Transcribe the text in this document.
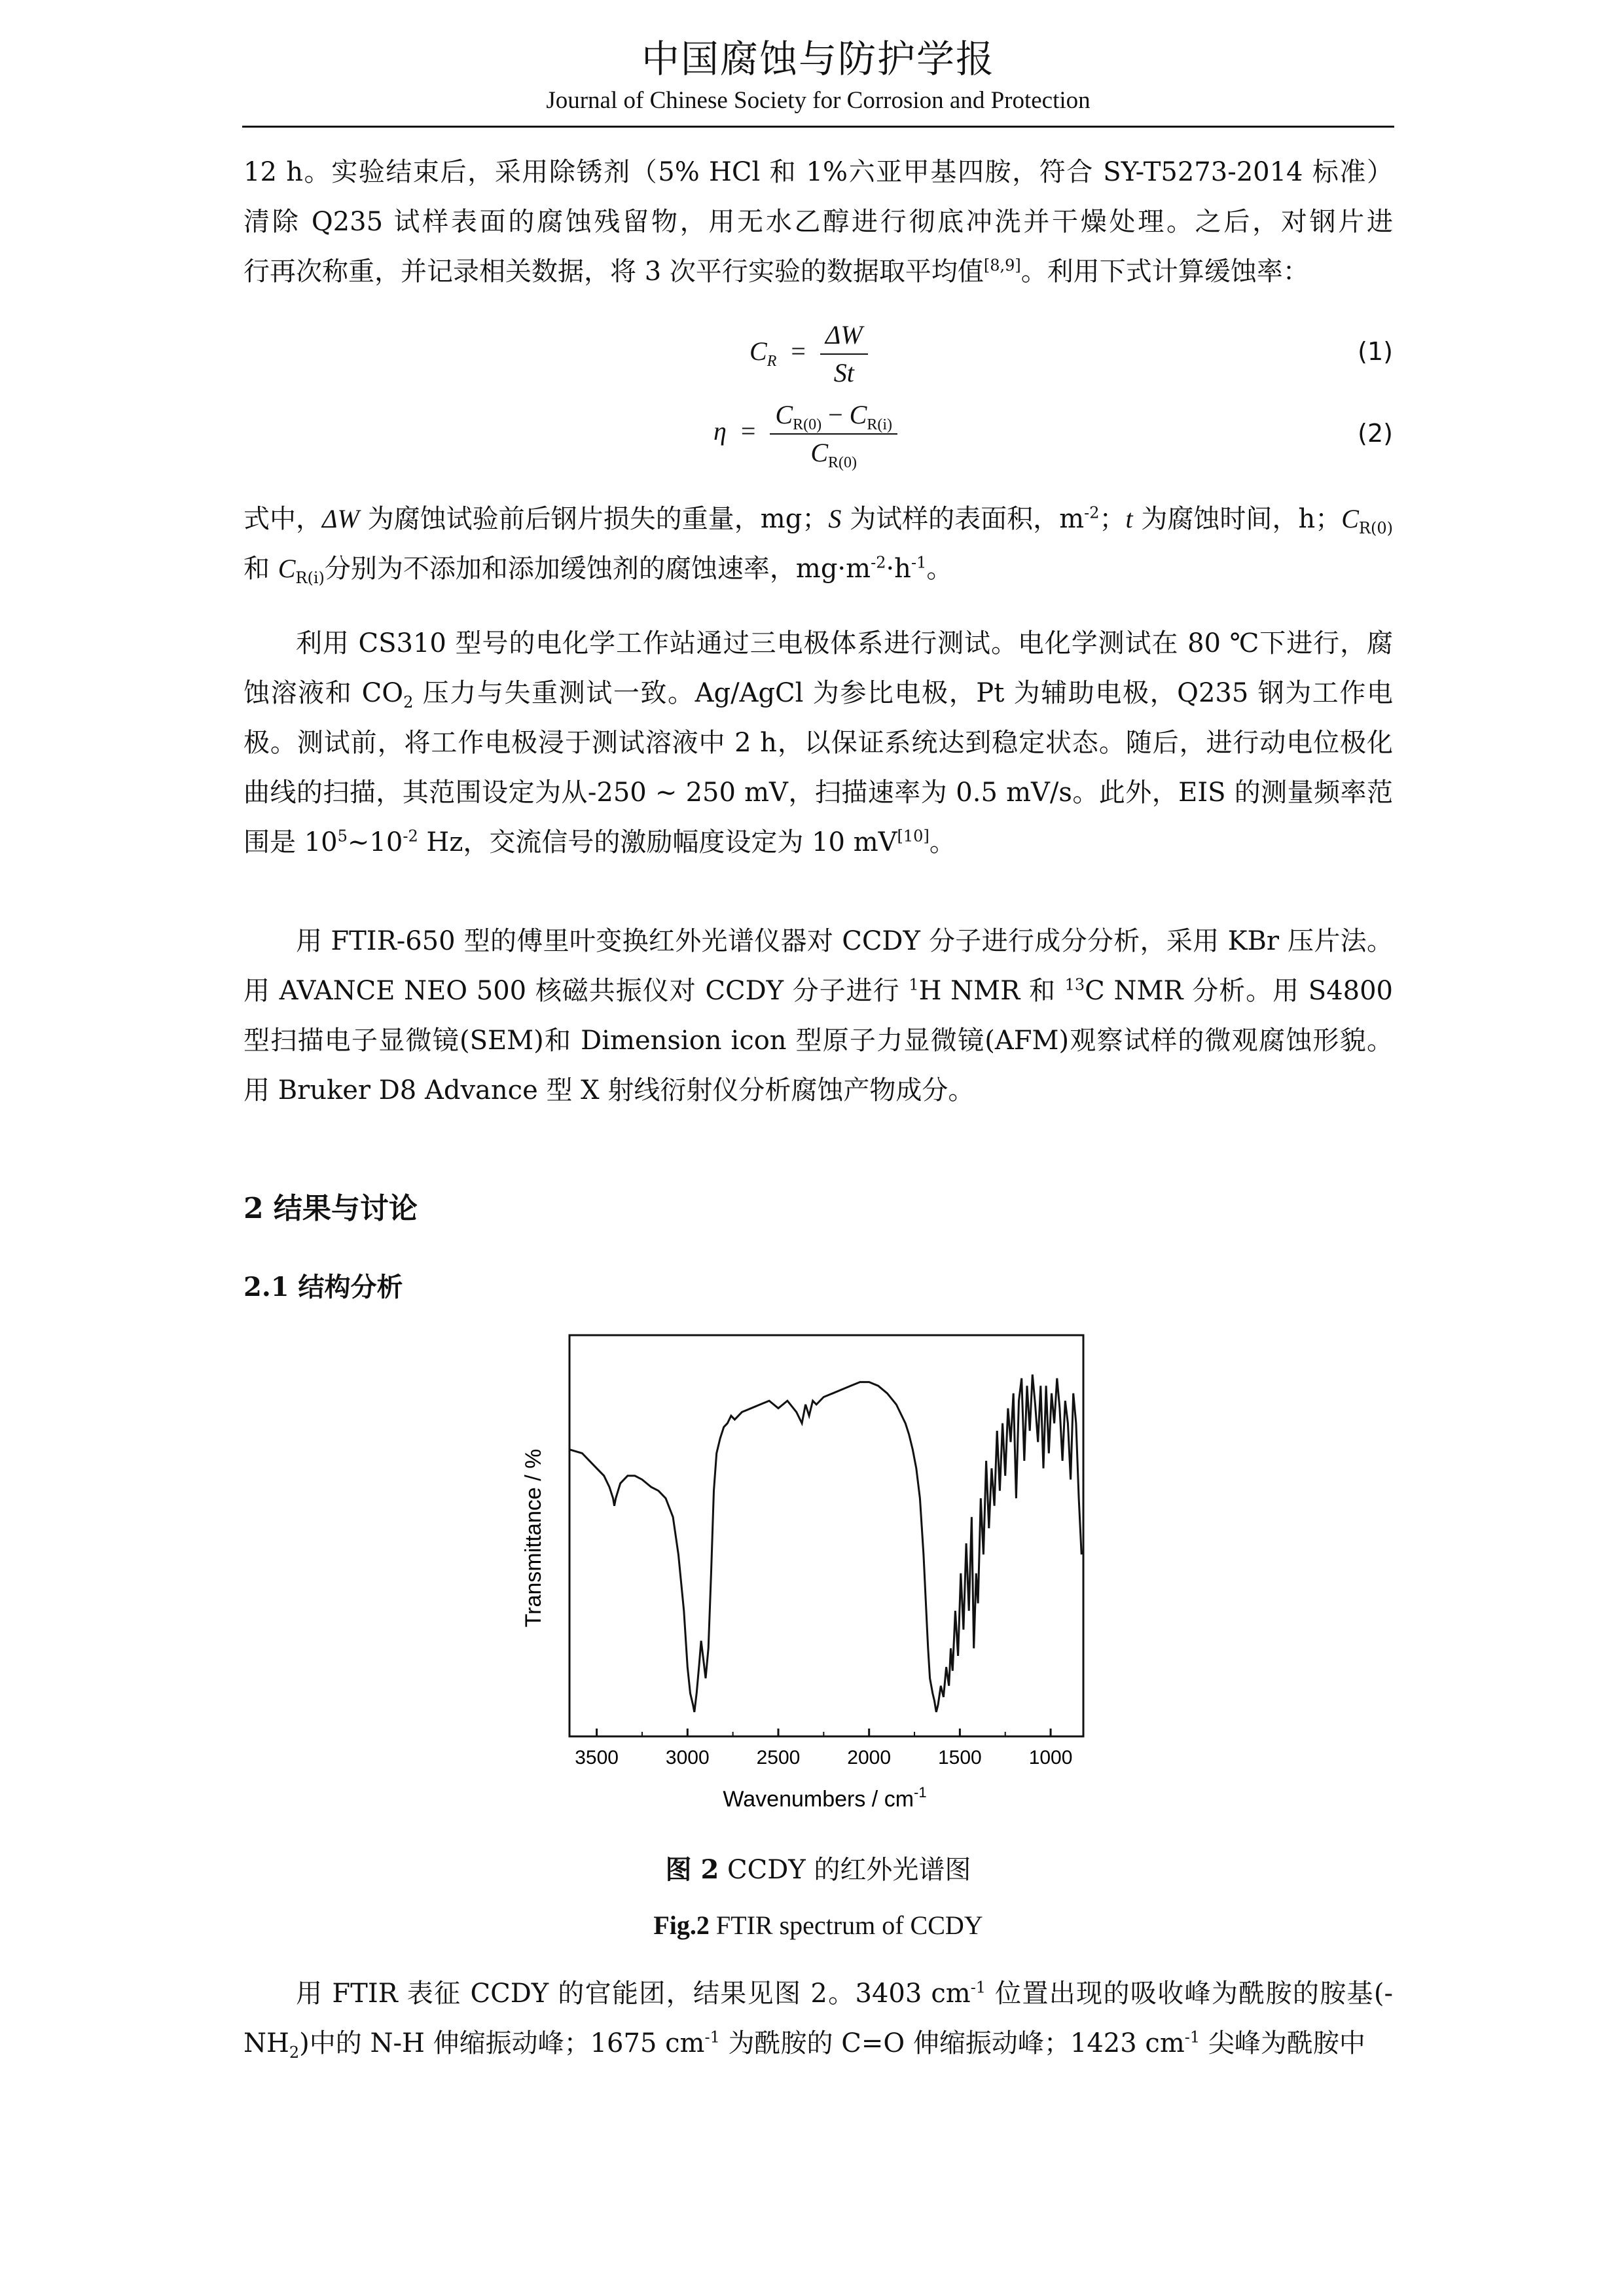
中国腐蚀与防护学报
Journal of Chinese Society for Corrosion and Protection

12 h。实验结束后，采用除锈剂（5% HCl 和 1%六亚甲基四胺，符合 SY-T5273-2014 标准）

清除 Q235 试样表面的腐蚀残留物，用无水乙醇进行彻底冲洗并干燥处理。之后，对钢片进

行再次称重，并记录相关数据，将 3 次平行实验的数据取平均值[8,9]。利用下式计算缓蚀率：

$C_R = \frac{\Delta W}{St}$	(1)
$\eta = \frac{C_{R(0)} - C_{R(i)}}{C_{R(0)}}$	(2)

式中，ΔW 为腐蚀试验前后钢片损失的重量，mg；S 为试样的表面积，$m^{-2}$；t 为腐蚀时间，h；$C_{R(0)}$和 $C_{R(i)}$分别为不添加和添加缓蚀剂的腐蚀速率，$mg\cdot m^{-2}\cdot h^{-1}$。

利用 CS310 型号的电化学工作站通过三电极体系进行测试。电化学测试在 80 ℃下进行，腐蚀溶液和 $CO_2$ 压力与失重测试一致。Ag/AgCl 为参比电极，Pt 为辅助电极，Q235 钢为工作电极。测试前，将工作电极浸于测试溶液中 2 h，以保证系统达到稳定状态。随后，进行动电位极化曲线的扫描，其范围设定为从-250 ~ 250 mV，扫描速率为 0.5 mV/s。此外，EIS 的测量频率范围是 $10^5\sim 10^{-2}$ Hz，交流信号的激励幅度设定为 10 mV[10]。

用 FTIR-650 型的傅里叶变换红外光谱仪器对 CCDY 分子进行成分分析，采用 KBr 压片法。用 AVANCE NEO 500 核磁共振仪对 CCDY 分子进行 $^1$H NMR 和 $^{13}$C NMR 分析。用 S4800 型扫描电子显微镜(SEM)和 Dimension icon 型原子力显微镜(AFM)观察试样的微观腐蚀形貌。用 Bruker D8 Advance 型 X 射线衍射仪分析腐蚀产物成分。

2 结果与讨论
2.1 结构分析
3500 3000 2500 2000 1500 1000
Transmittance / %
Wavenumbers / $cm^{-1}$
图 2 CCDY 的红外光谱图
Fig.2 FTIR spectrum of CCDY

用 FTIR 表征 CCDY 的官能团，结果见图 2。3403 $cm^{-1}$ 位置出现的吸收峰为酰胺的胺基$(-NH_2)$中的 N-H 伸缩振动峰；1675 $cm^{-1}$ 为酰胺的 C=O 伸缩振动峰；1423 $cm^{-1}$ 尖峰为酰胺中
